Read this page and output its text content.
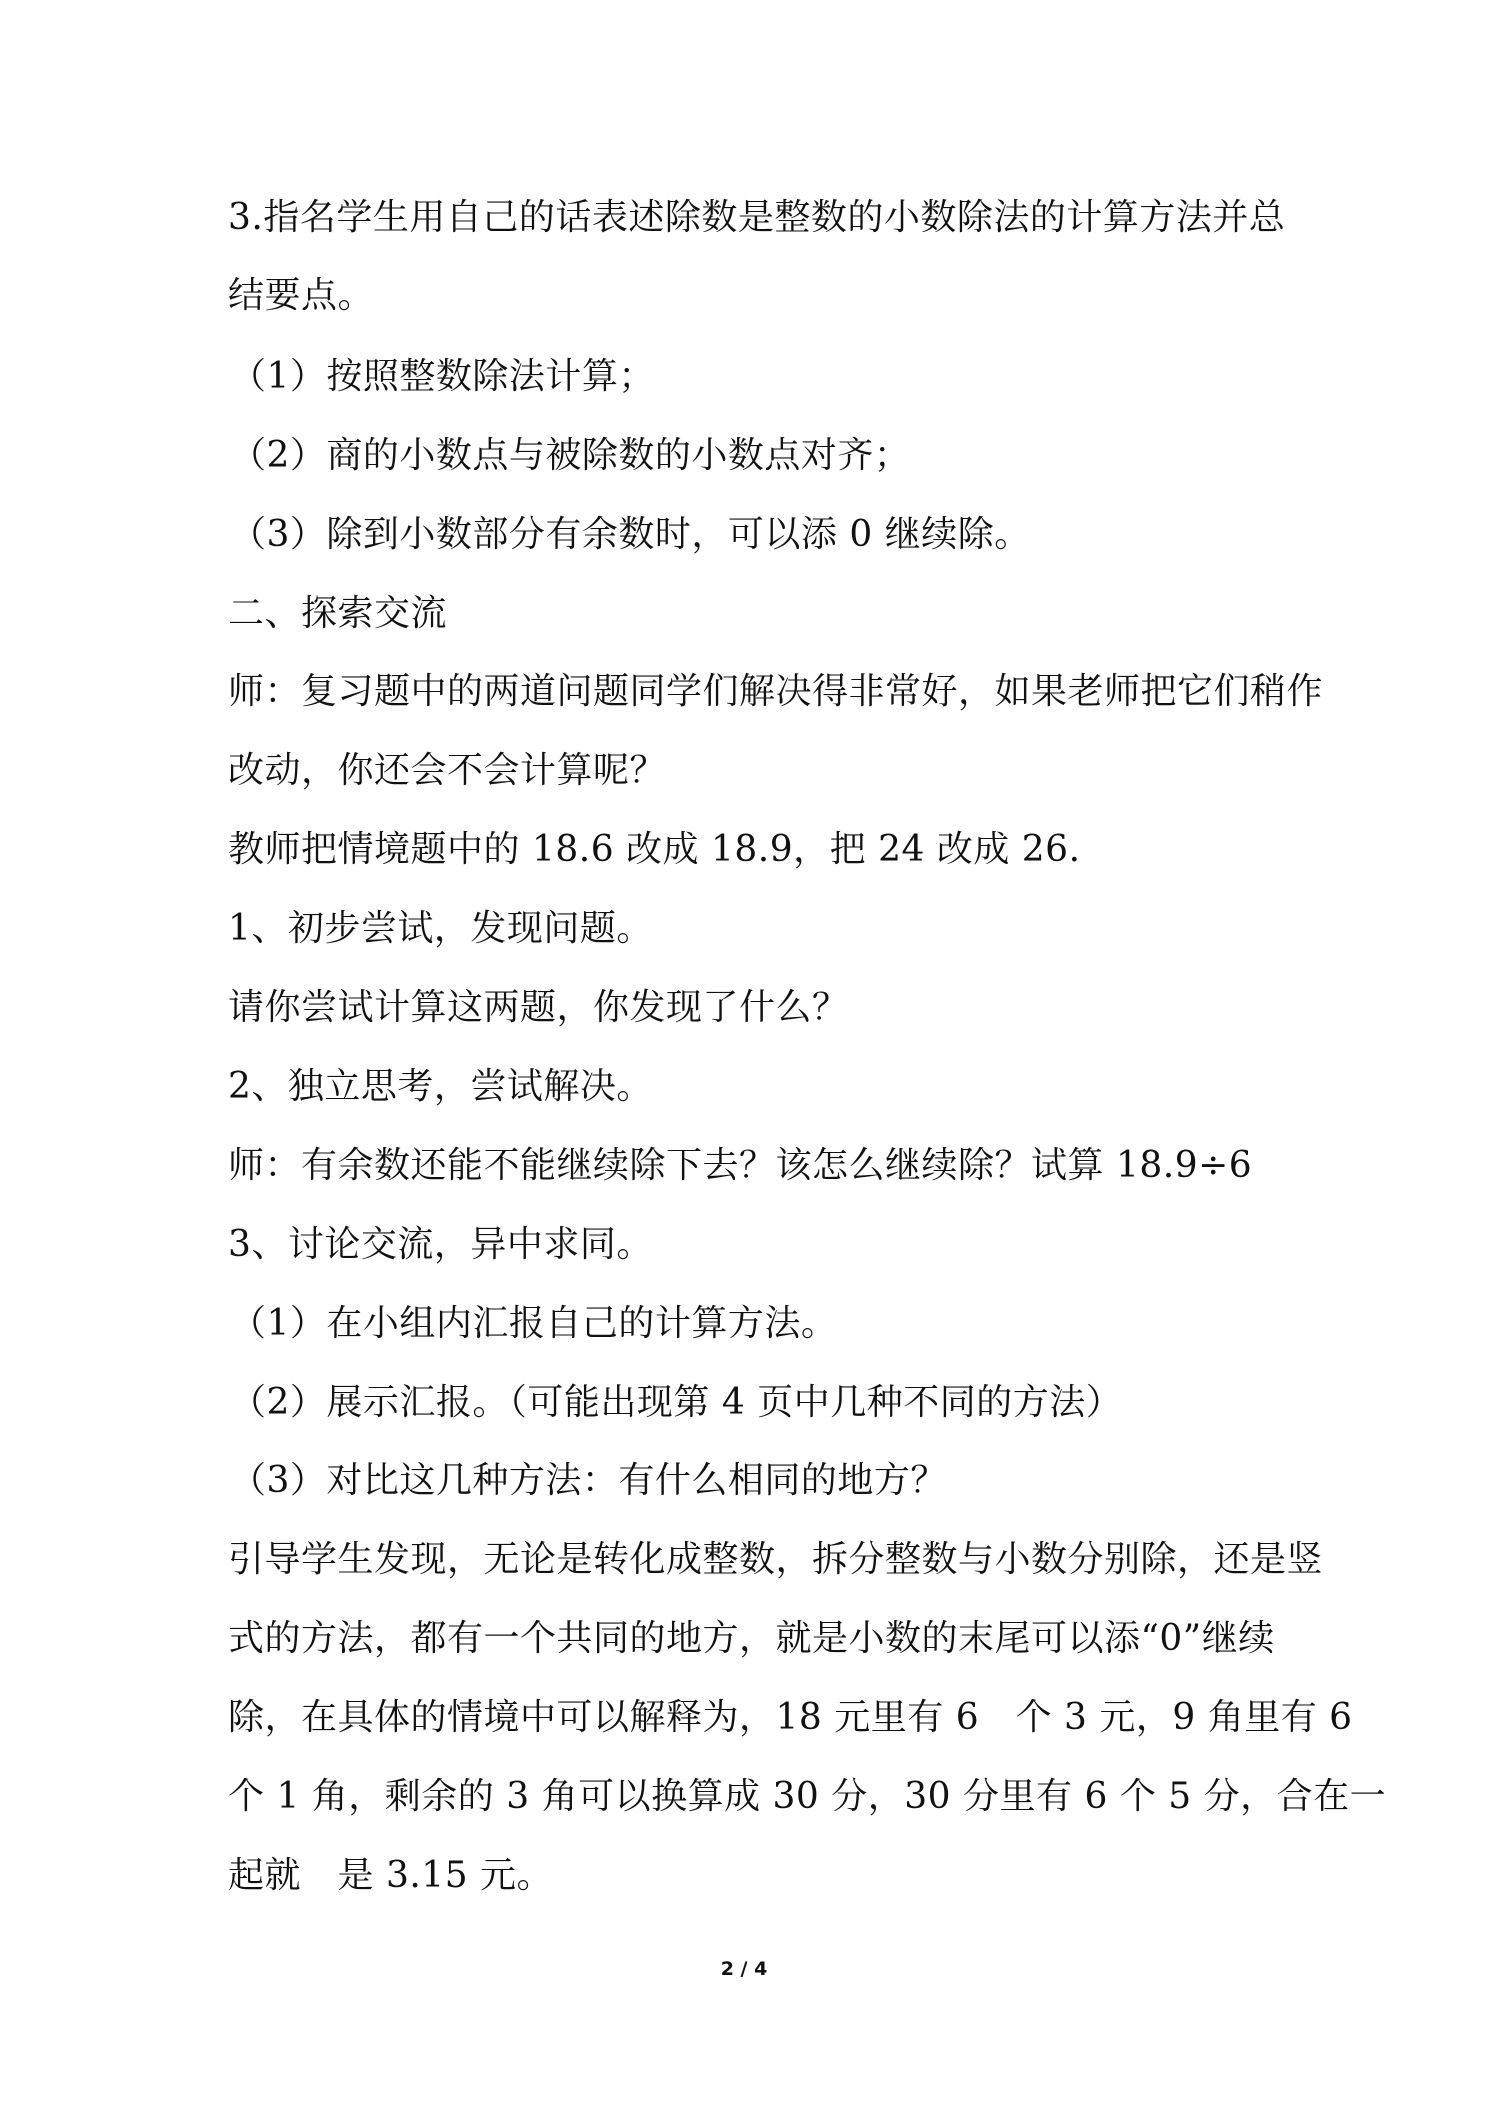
3.指名学生用自己的话表述除数是整数的小数除法的计算方法并总
结要点。
（1）按照整数除法计算；
（2）商的小数点与被除数的小数点对齐；
（3）除到小数部分有余数时，可以添 0 继续除。
二、探索交流
师：复习题中的两道问题同学们解决得非常好，如果老师把它们稍作
改动，你还会不会计算呢？
教师把情境题中的 18.6 改成 18.9，把 24 改成 26.
1、初步尝试，发现问题。
请你尝试计算这两题，你发现了什么？
2、独立思考，尝试解决。
师：有余数还能不能继续除下去？该怎么继续除？试算 18.9÷6
3、讨论交流，异中求同。
（1）在小组内汇报自己的计算方法。
（2）展示汇报。（可能出现第 4 页中几种不同的方法）
（3）对比这几种方法：有什么相同的地方？
引导学生发现，无论是转化成整数，拆分整数与小数分别除，还是竖
式的方法，都有一个共同的地方，就是小数的末尾可以添“0”继续
除，在具体的情境中可以解释为，18 元里有 6　个 3 元，9 角里有 6
个 1 角，剩余的 3 角可以换算成 30 分，30 分里有 6 个 5 分，合在一
起就　是 3.15 元。
2 / 4
